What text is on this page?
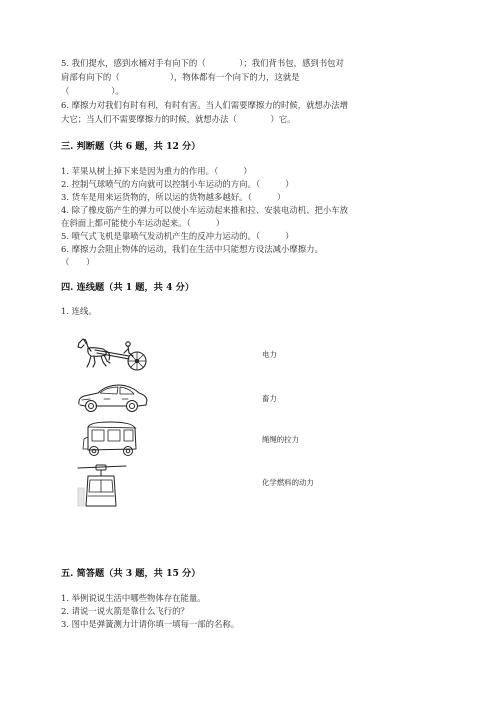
5. 我们提水，感到水桶对手有向下的（　　　　）；我们背书包，感到书包对
肩部有向下的（　　　　　　），物体都有一个向下的力，这就是
（　　　　　）。
6. 摩擦力对我们有时有利，有时有害。当人们需要摩擦力的时候，就想办法增
大它；当人们不需要摩擦力的时候，就想办法（　　　　）它。
三. 判断题（共 6 题，共 12 分）
1. 苹果从树上掉下来是因为重力的作用。（　　　）
2. 控制气球喷气的方向就可以控制小车运动的方向。（　　　）
3. 货车是用来运货物的，所以运的货物越多越好。（　　　）
4. 除了橡皮筋产生的弹力可以使小车运动起来推和拉、安装电动机、把小车放
在斜面上都可能使小车运动起来。（　　　）
5. 喷气式飞机是靠喷气发动机产生的反冲力运动的。（　　　）
6. 摩擦力会阻止物体的运动，我们在生活中只能想方设法减小摩擦力。
（　　）
四. 连线题（共 1 题，共 4 分）
1. 连线。
电力
畜力
绳绳的拉力
化学燃料的动力
五. 简答题（共 3 题，共 15 分）
1. 举例说说生活中哪些物体存在能量。
2. 请说一说火箭是靠什么飞行的？
3. 图中是弹簧测力计请你填一填每一部的名称。
